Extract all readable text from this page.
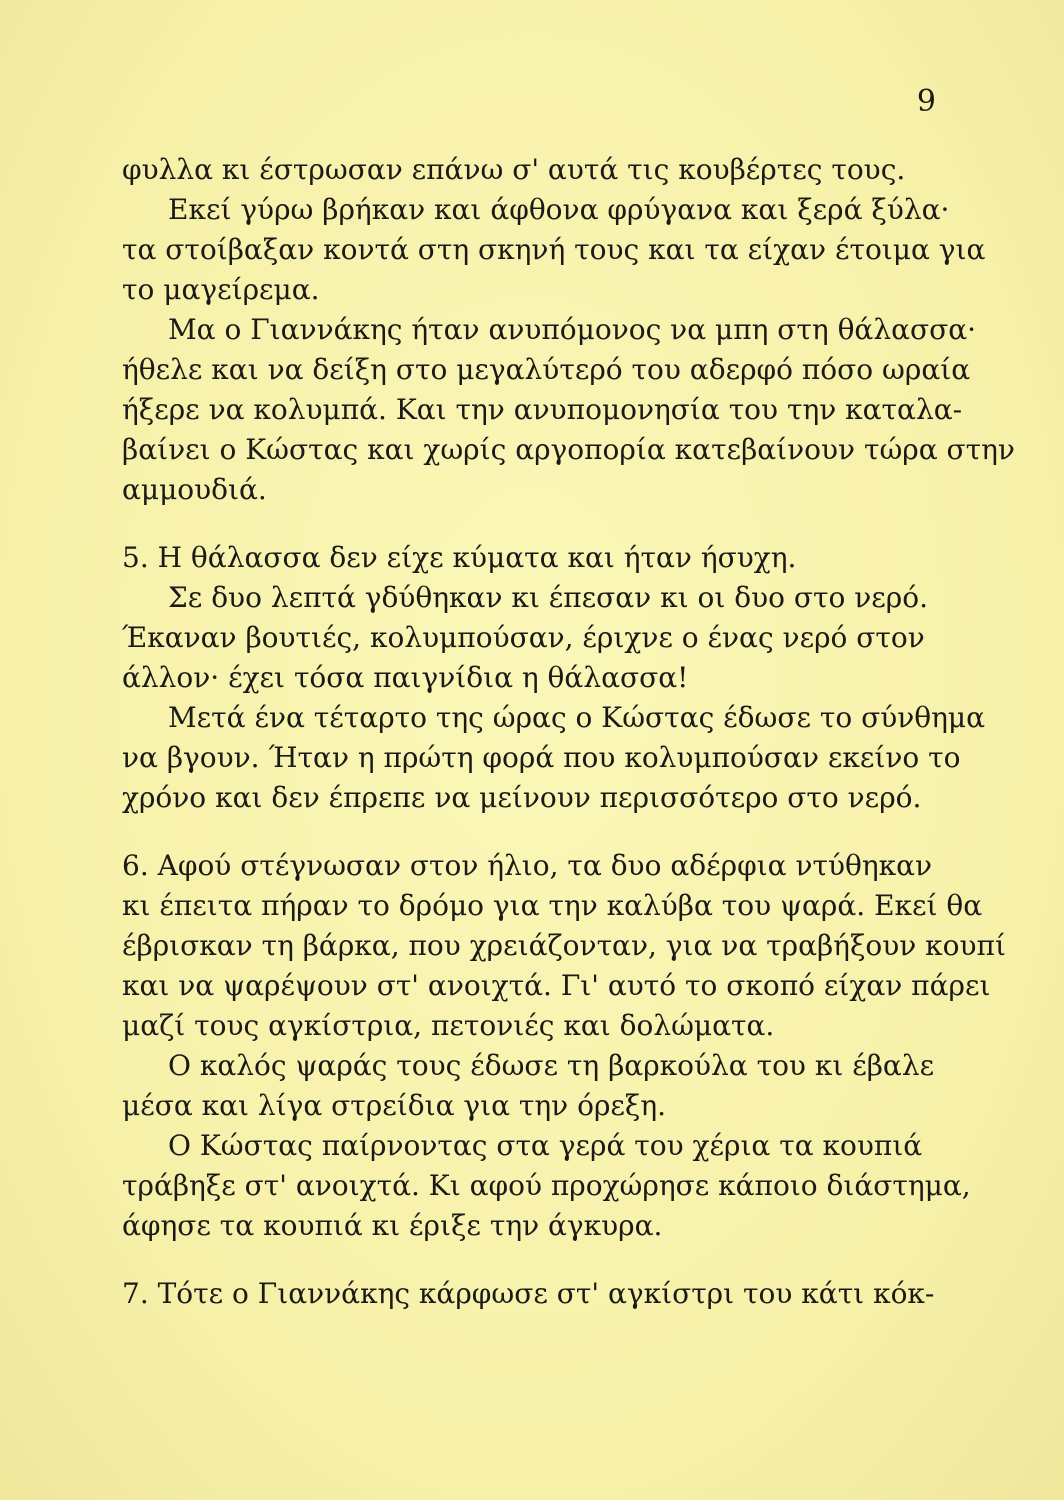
9
φυλλα κι έστρωσαν επάνω σ' αυτά τις κουβέρτες τους.
Εκεί γύρω βρήκαν και άφθονα φρύγανα και ξερά ξύλα·
τα στοίβαξαν κοντά στη σκηνή τους και τα είχαν έτοιμα για
το μαγείρεμα.
Μα ο Γιαννάκης ήταν ανυπόμονος να μπη στη θάλασσα·
ήθελε και να δείξη στο μεγαλύτερό του αδερφό πόσο ωραία
ήξερε να κολυμπά. Και την ανυπομονησία του την καταλα-
βαίνει ο Κώστας και χωρίς αργοπορία κατεβαίνουν τώρα στην
αμμουδιά.
5. Η θάλασσα δεν είχε κύματα και ήταν ήσυχη.
Σε δυο λεπτά γδύθηκαν κι έπεσαν κι οι δυο στο νερό.
Έκαναν βουτιές, κολυμπούσαν, έριχνε ο ένας νερό στον
άλλον· έχει τόσα παιγνίδια η θάλασσα!
Μετά ένα τέταρτο της ώρας ο Κώστας έδωσε το σύνθημα
να βγουν. Ήταν η πρώτη φορά που κολυμπούσαν εκείνο το
χρόνο και δεν έπρεπε να μείνουν περισσότερο στο νερό.
6. Αφού στέγνωσαν στον ήλιο, τα δυο αδέρφια ντύθηκαν
κι έπειτα πήραν το δρόμο για την καλύβα του ψαρά. Εκεί θα
έβρισκαν τη βάρκα, που χρειάζονταν, για να τραβήξουν κουπί
και να ψαρέψουν στ' ανοιχτά. Γι' αυτό το σκοπό είχαν πάρει
μαζί τους αγκίστρια, πετονιές και δολώματα.
Ο καλός ψαράς τους έδωσε τη βαρκούλα του κι έβαλε
μέσα και λίγα στρείδια για την όρεξη.
Ο Κώστας παίρνοντας στα γερά του χέρια τα κουπιά
τράβηξε στ' ανοιχτά. Κι αφού προχώρησε κάποιο διάστημα,
άφησε τα κουπιά κι έριξε την άγκυρα.
7. Τότε ο Γιαννάκης κάρφωσε στ' αγκίστρι του κάτι κόκ-
